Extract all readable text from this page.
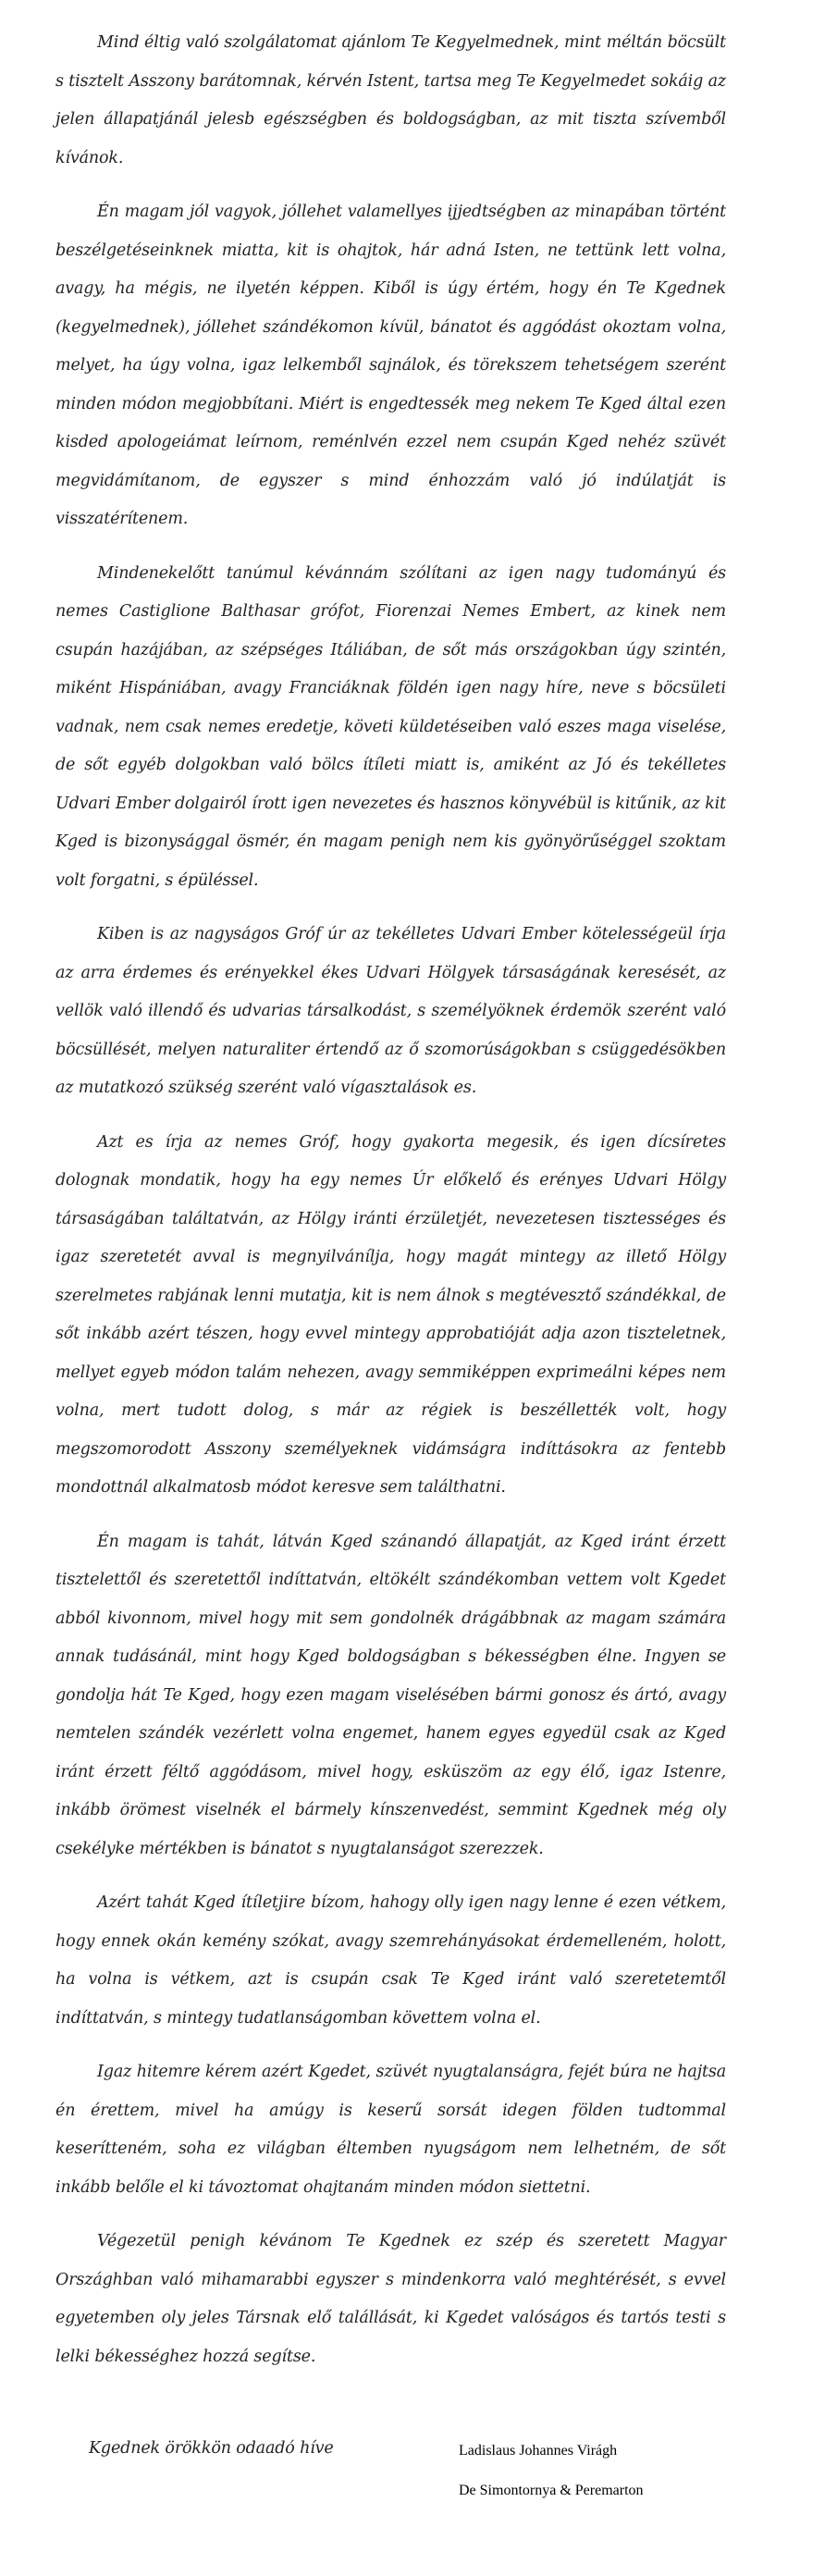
Mind éltig való szolgálatomat ajánlom Te Kegyelmednek, mint méltán böcsült s tisztelt Asszony barátomnak, kérvén Istent, tartsa meg Te Kegyelmedet sokáig az jelen állapatjánál jelesb egészségben és boldogságban, az mit tiszta szívemből kívánok.

Én magam jól vagyok, jóllehet valamellyes ijjedtségben az minapában történt beszélgetéseinknek miatta, kit is ohajtok, hár adná Isten, ne tettünk lett volna, avagy, ha mégis, ne ilyetén képpen. Kiből is úgy értém, hogy én Te Kgednek (kegyelmednek), jóllehet szándékomon kívül, bánatot és aggódást okoztam volna, melyet, ha úgy volna, igaz lelkemből sajnálok, és törekszem tehetségem szerént minden módon megjobbítani. Miért is engedtessék meg nekem Te Kged által ezen kisded apologeiámat leírnom, reménlvén ezzel nem csupán Kged nehéz szüvét megvidámítanom, de egyszer s mind énhozzám való jó indúlatját is visszatérítenem.

Mindenekelőtt tanúmul kévánnám szólítani az igen nagy tudományú és nemes Castiglione Balthasar grófot, Fiorenzai Nemes Embert, az kinek nem csupán hazájában, az szépséges Itáliában, de sőt más országokban úgy szintén, miként Hispániában, avagy Franciáknak földén igen nagy híre, neve s böcsületi vadnak, nem csak nemes eredetje, követi küldetéseiben való eszes maga viselése, de sőt egyéb dolgokban való bölcs ítíleti miatt is, amiként az Jó és tekélletes Udvari Ember dolgairól írott igen nevezetes és hasznos könyvébül is kitűnik, az kit Kged is bizonysággal ösmér, én magam penigh nem kis gyönyörűséggel szoktam volt forgatni, s épüléssel.

Kiben is az nagyságos Gróf úr az tekélletes Udvari Ember kötelességeül írja az arra érdemes és erényekkel ékes Udvari Hölgyek társaságának keresését, az vellök való illendő és udvarias társalkodást, s személyöknek érdemök szerént való böcsüllését, melyen naturaliter értendő az ő szomorúságokban s csüggedésökben az mutatkozó szükség szerént való vígasztalások es.

Azt es írja az nemes Gróf, hogy gyakorta megesik, és igen dícsíretes dolognak mondatik, hogy ha egy nemes Úr előkelő és erényes Udvari Hölgy társaságában találtatván, az Hölgy iránti érzületjét, nevezetesen tisztességes és igaz szeretetét avval is megnyilvánílja, hogy magát mintegy az illető Hölgy szerelmetes rabjának lenni mutatja, kit is nem álnok s megtévesztő szándékkal, de sőt inkább azért tészen, hogy evvel mintegy approbatióját adja azon tiszteletnek, mellyet egyeb módon talám nehezen, avagy semmiképpen exprimeálni képes nem volna, mert tudott dolog, s már az régiek is beszéllették volt, hogy megszomorodott Asszony személyeknek vidámságra indíttásokra az fentebb mondottnál alkalmatosb módot keresve sem találthatni.

Én magam is tahát, látván Kged szánandó állapatját, az Kged iránt érzett tisztelettől és szeretettől indíttatván, eltökélt szándékomban vettem volt Kgedet abból kivonnom, mivel hogy mit sem gondolnék drágábbnak az magam számára annak tudásánál, mint hogy Kged boldogságban s békességben élne. Ingyen se gondolja hát Te Kged, hogy ezen magam viselésében bármi gonosz és ártó, avagy nemtelen szándék vezérlett volna engemet, hanem egyes egyedül csak az Kged iránt érzett féltő aggódásom, mivel hogy, esküszöm az egy élő, igaz Istenre, inkább örömest viselnék el bármely kínszenvedést, semmint Kgednek még oly csekélyke mértékben is bánatot s nyugtalanságot szerezzek.

Azért tahát Kged ítíletjire bízom, hahogy olly igen nagy lenne é ezen vétkem, hogy ennek okán kemény szókat, avagy szemrehányásokat érdemelleném, holott, ha volna is vétkem, azt is csupán csak Te Kged iránt való szeretetemtől indíttatván, s mintegy tudatlanságomban követtem volna el.

Igaz hitemre kérem azért Kgedet, szüvét nyugtalanságra, fejét búra ne hajtsa én érettem, mivel ha amúgy is keserű sorsát idegen földen tudtommal keserítteném, soha ez világban éltemben nyugságom nem lelhetném, de sőt inkább belőle el ki távoztomat ohajtanám minden módon siettetni.

Végezetül penigh kévánom Te Kgednek ez szép és szeretett Magyar Országhban való mihamarabbi egyszer s mindenkorra való meghtérését, s evvel egyetemben oly jeles Társnak elő talállását, ki Kgedet valóságos és tartós testi s lelki békességhez hozzá segítse.

Kgednek örökkön odaadó híve	Ladislaus Johannes Virágh
De Simontornya & Peremarton
